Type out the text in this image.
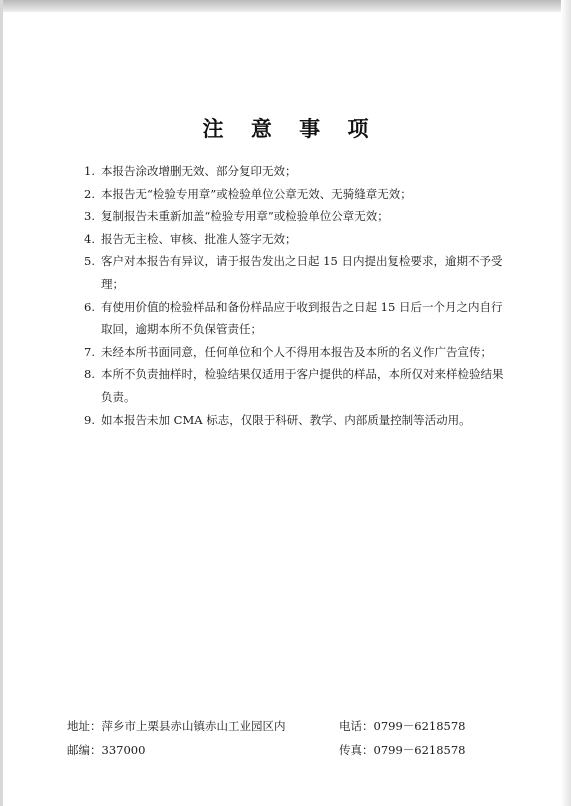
注 意 事 项
1. 本报告涂改增删无效、部分复印无效；
2. 本报告无“检验专用章”或检验单位公章无效、无骑缝章无效；
3. 复制报告未重新加盖“检验专用章”或检验单位公章无效；
4. 报告无主检、审核、批准人签字无效；
5. 客户对本报告有异议，请于报告发出之日起 15 日内提出复检要求，逾期不予受理；
6. 有使用价值的检验样品和备份样品应于收到报告之日起 15 日后一个月之内自行取回，逾期本所不负保管责任；
7. 未经本所书面同意，任何单位和个人不得用本报告及本所的名义作广告宣传；
8. 本所不负责抽样时，检验结果仅适用于客户提供的样品，本所仅对来样检验结果负责。
9. 如本报告未加 CMA 标志，仅限于科研、教学、内部质量控制等活动用。
地址：萍乡市上栗县赤山镇赤山工业园区内	电话：0799－6218578
邮编：337000	传真：0799－6218578
